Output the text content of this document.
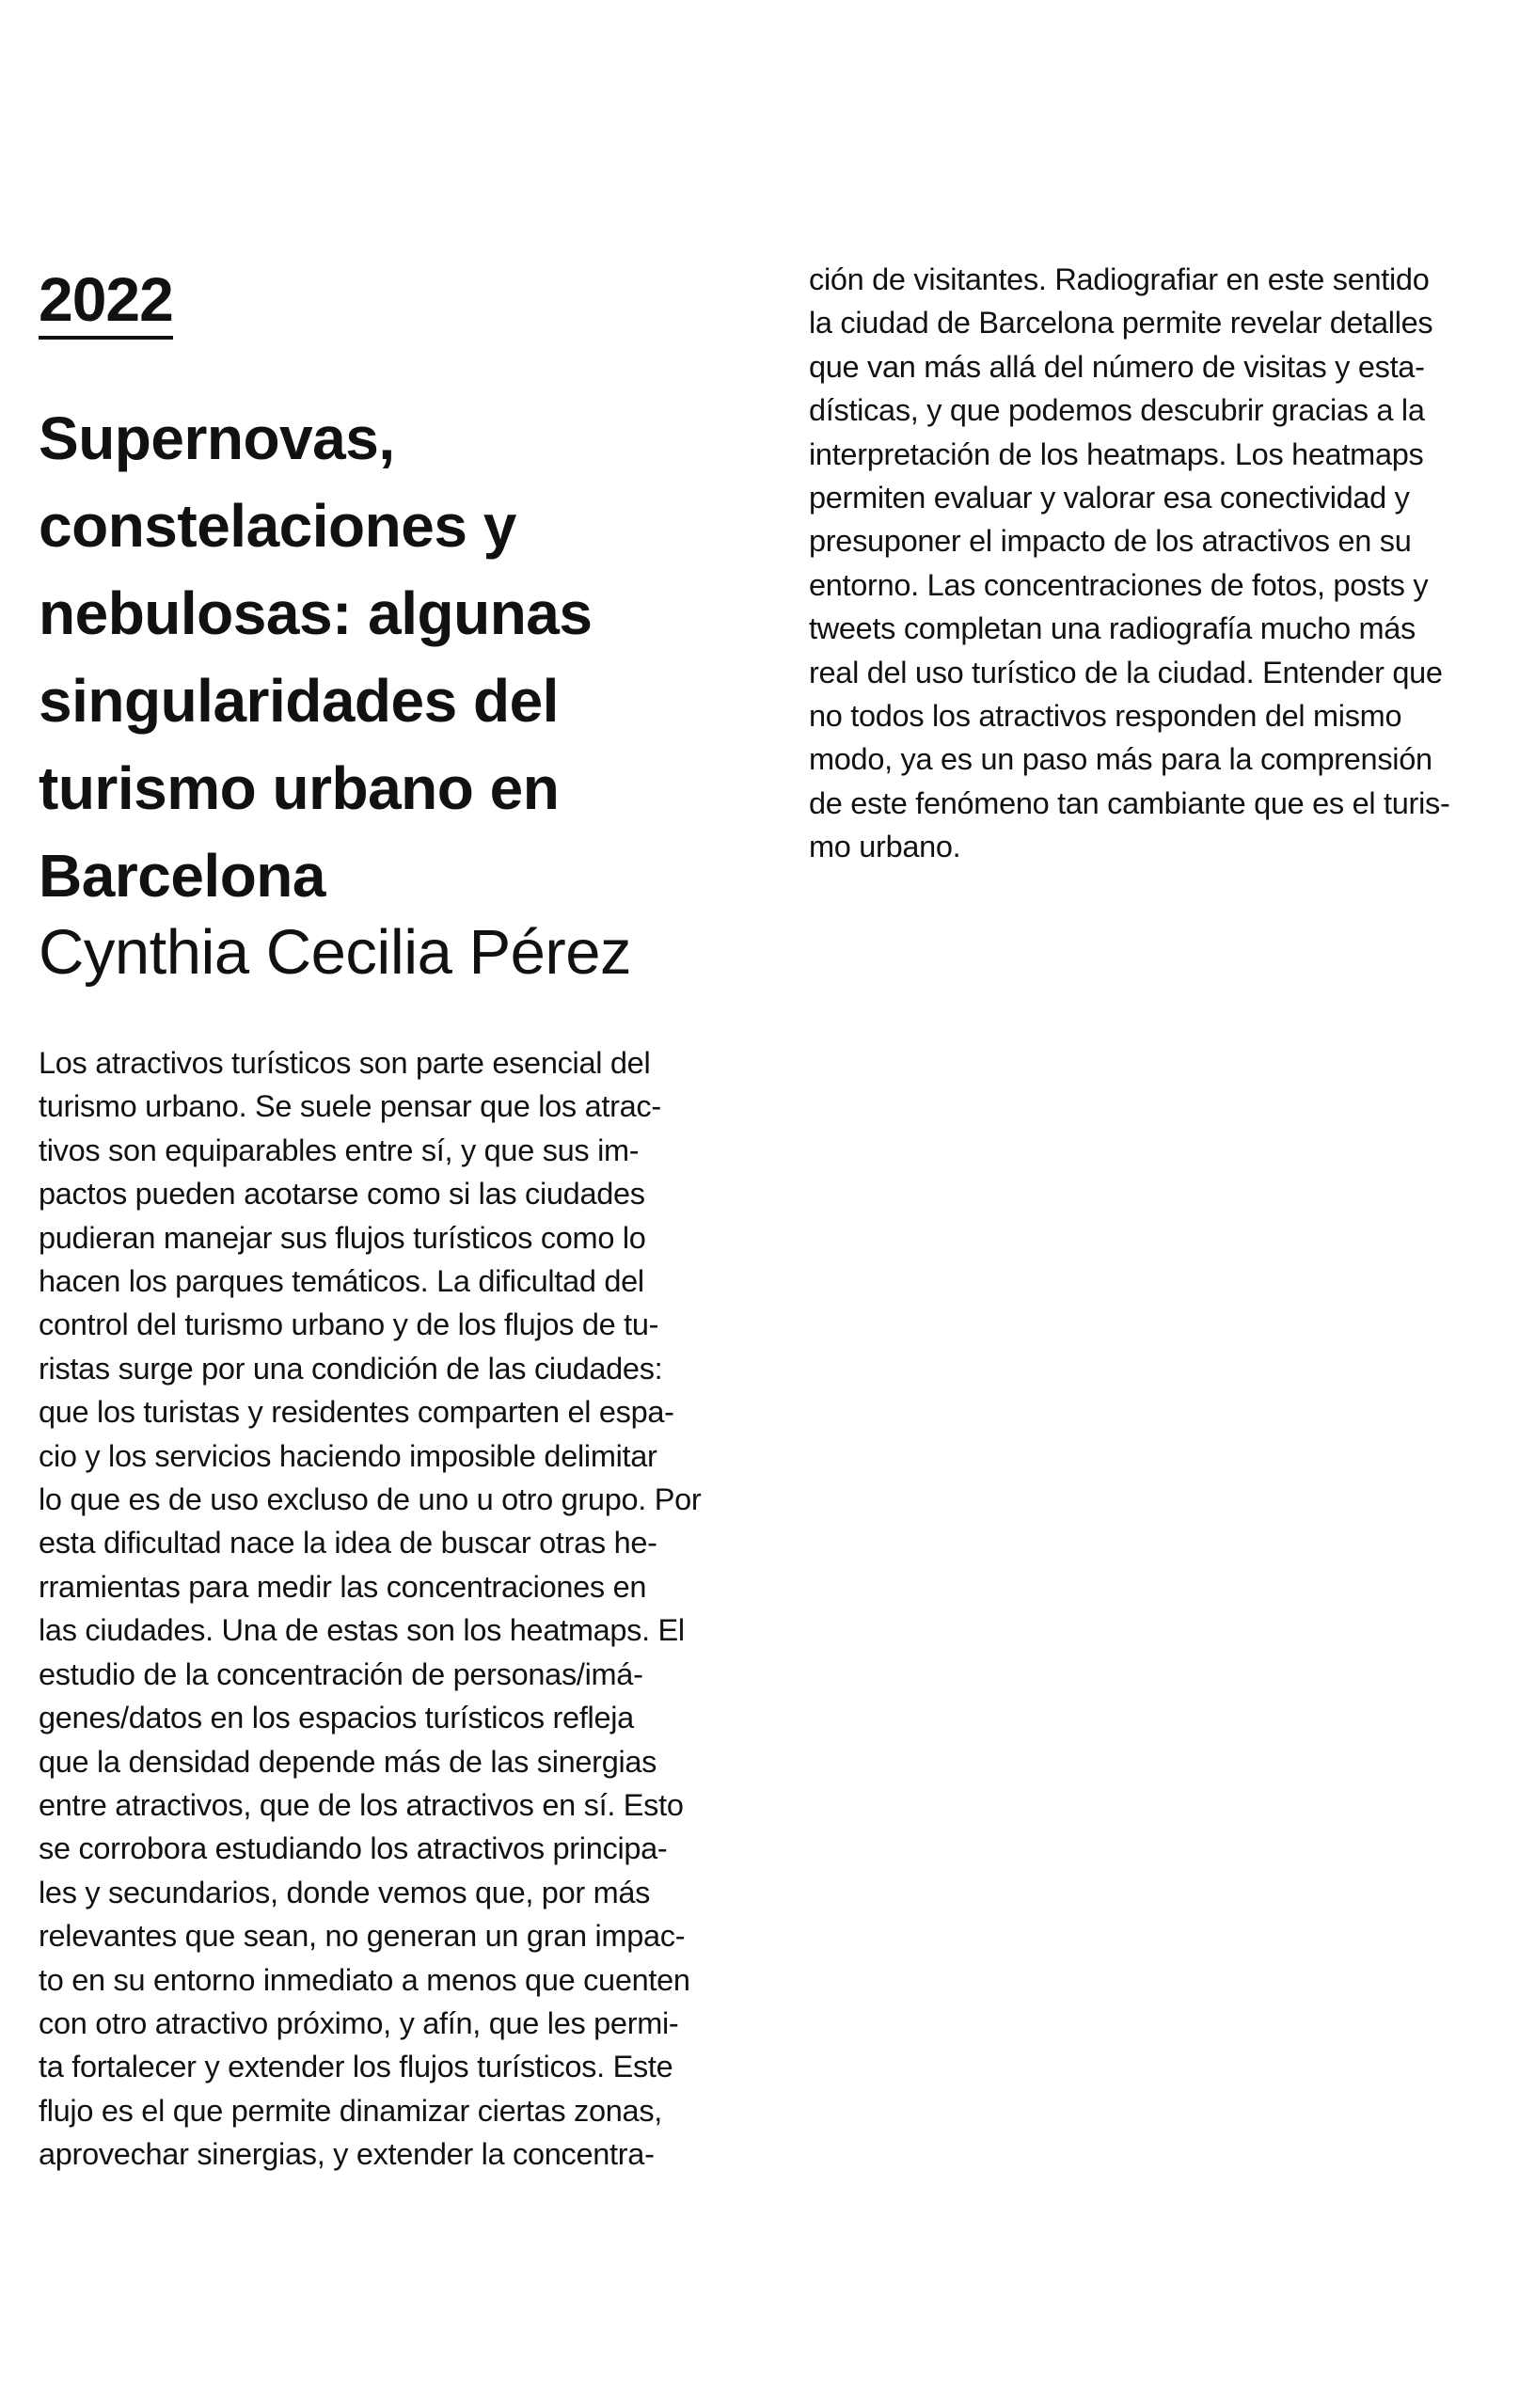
2022
Supernovas,
constelaciones y
nebulosas: algunas
singularidades del
turismo urbano en
Barcelona
Cynthia Cecilia Pérez
Los atractivos turísticos son parte esencial del
turismo urbano. Se suele pensar que los atrac-
tivos son equiparables entre sí, y que sus im-
pactos pueden acotarse como si las ciudades
pudieran manejar sus flujos turísticos como lo
hacen los parques temáticos. La dificultad del
control del turismo urbano y de los flujos de tu-
ristas surge por una condición de las ciudades:
que los turistas y residentes comparten el espa-
cio y los servicios haciendo imposible delimitar
lo que es de uso excluso de uno u otro grupo. Por
esta dificultad nace la idea de buscar otras he-
rramientas para medir las concentraciones en
las ciudades. Una de estas son los heatmaps. El
estudio de la concentración de personas/imá-
genes/datos en los espacios turísticos refleja
que la densidad depende más de las sinergias
entre atractivos, que de los atractivos en sí. Esto
se corrobora estudiando los atractivos principa-
les y secundarios, donde vemos que, por más
relevantes que sean, no generan un gran impac-
to en su entorno inmediato a menos que cuenten
con otro atractivo próximo, y afín, que les permi-
ta fortalecer y extender los flujos turísticos. Este
flujo es el que permite dinamizar ciertas zonas,
aprovechar sinergias, y extender la concentra-
ción de visitantes. Radiografiar en este sentido
la ciudad de Barcelona permite revelar detalles
que van más allá del número de visitas y esta-
dísticas, y que podemos descubrir gracias a la
interpretación de los heatmaps. Los heatmaps
permiten evaluar y valorar esa conectividad y
presuponer el impacto de los atractivos en su
entorno. Las concentraciones de fotos, posts y
tweets completan una radiografía mucho más
real del uso turístico de la ciudad. Entender que
no todos los atractivos responden del mismo
modo, ya es un paso más para la comprensión
de este fenómeno tan cambiante que es el turis-
mo urbano.
